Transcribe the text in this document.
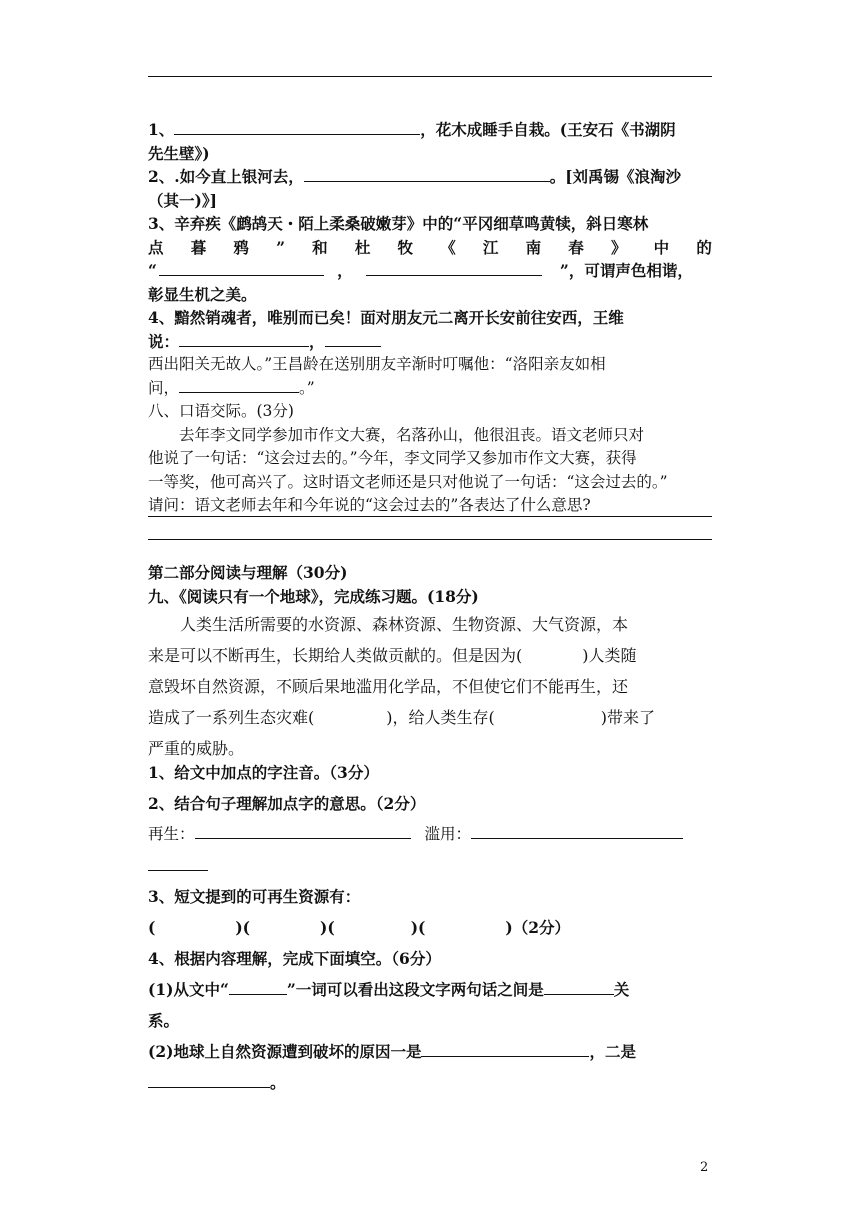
1、	，花木成睡手自栽。(王安石《书湖阴
先生壁》)
2、.如今直上银河去，	。[刘禹锡《浪淘沙
（其一)》]
3、辛弃疾《鹧鸪天・陌上柔桑破嫩芽》中的“平冈细草鸣黄犊，斜日寒林
点 暮 鸦 ” 和 杜 牧 《 江 南 春 》 中 的
“	，	”，可谓声色相谐，
彰显生机之美。
4、黯然销魂者，唯别而已矣！面对朋友元二离开长安前往安西，王维
说：	，
西出阳关无故人。”王昌龄在送别朋友辛渐时叮嘱他：“洛阳亲友如相
问，	。”
八、口语交际。(3分)
　　去年李文同学参加市作文大赛，名落孙山，他很沮丧。语文老师只对
他说了一句话：“这会过去的。”今年，李文同学又参加市作文大赛，获得
一等奖，他可高兴了。这时语文老师还是只对他说了一句话：“这会过去的。”
请问：语文老师去年和今年说的“这会过去的”各表达了什么意思?
第二部分阅读与理解（30分)
九、《阅读只有一个地球》，完成练习题。(18分)
　　人类生活所需要的水资源、森林资源、生物资源、大气资源，本
来是可以不断再生，长期给人类做贡献的。但是因为(	)人类随
意毁坏自然资源，不顾后果地滥用化学品，不但使它们不能再生，还
造成了一系列生态灾难(	)，给人类生存(	)带来了
严重的威胁。
1、给文中加点的字注音。（3分）
2、结合句子理解加点字的意思。（2分）
再生：	滥用：
3、短文提到的可再生资源有：
(	)(	)(	)(	)（2分）
4、根据内容理解，完成下面填空。（6分）
(1)从文中“	”一词可以看出这段文字两句话之间是	关
系。
(2)地球上自然资源遭到破坏的原因一是	，二是
。
2
